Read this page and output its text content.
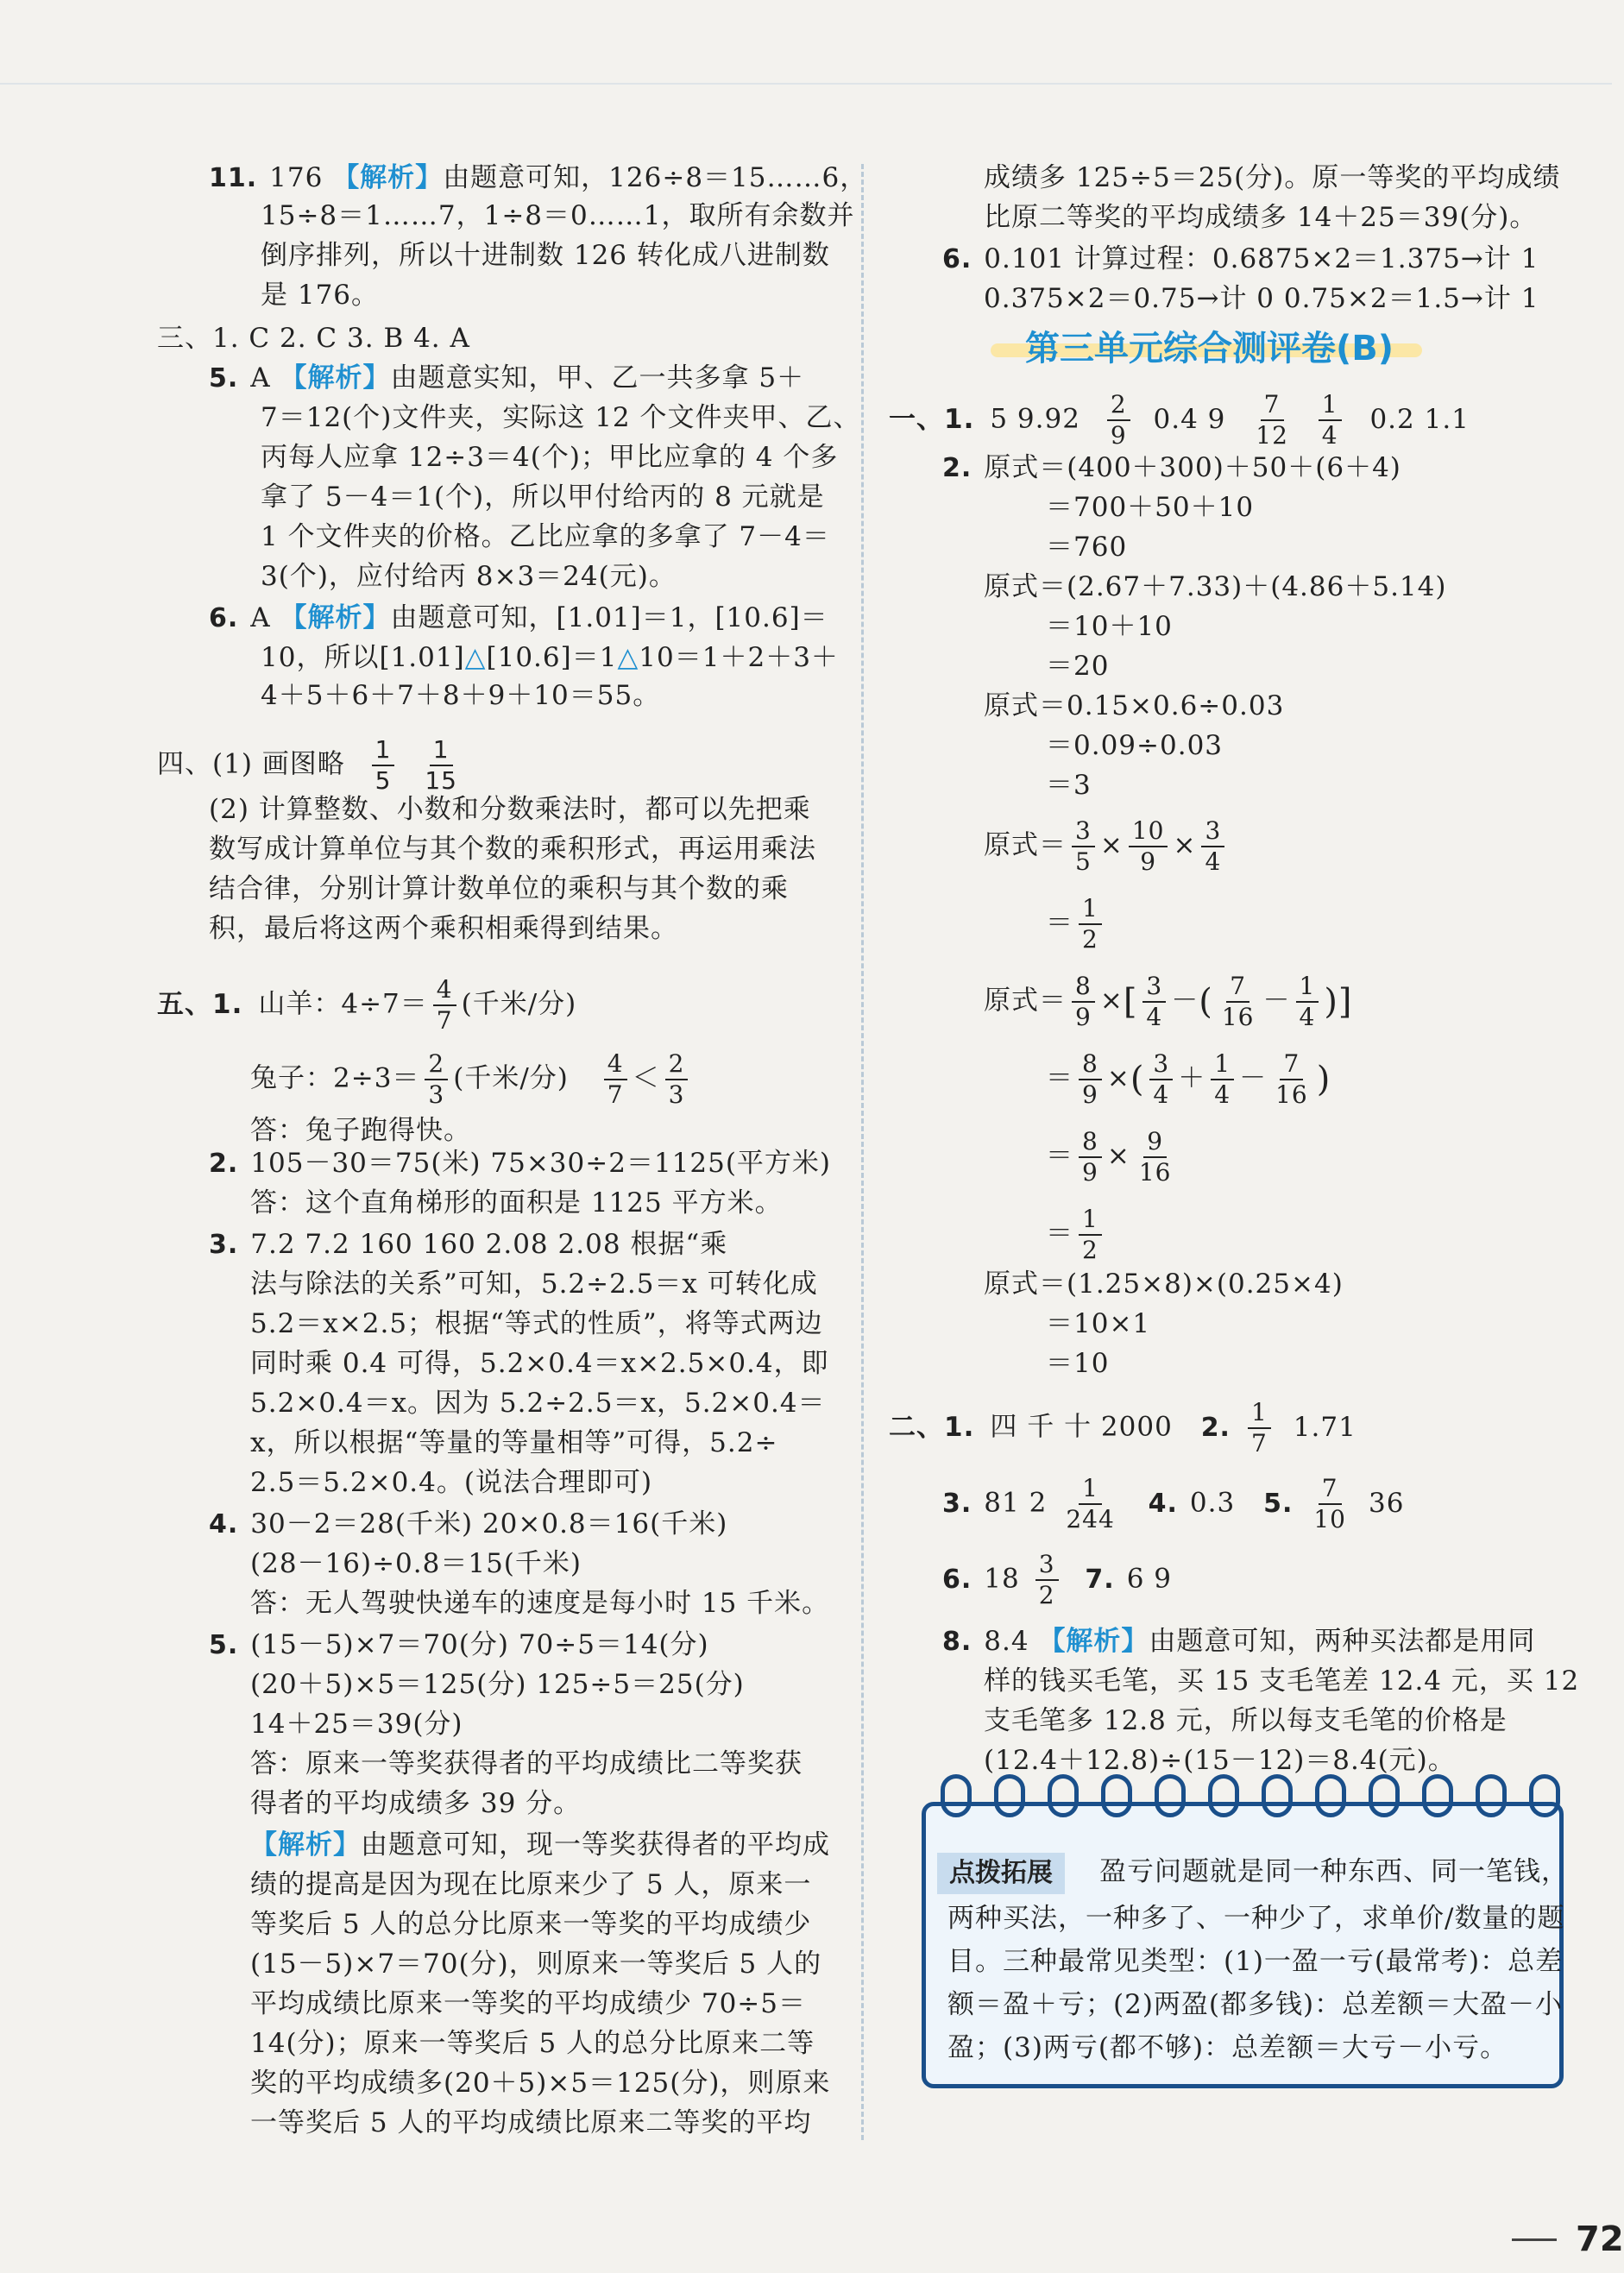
15÷8＝1……7，1÷8＝0……1，取所有余数并
倒序排列，所以十进制数 126 转化成八进制数
是 176。
三、1. C 2. C 3. B 4. A
7＝12(个)文件夹，实际这 12 个文件夹甲、乙、
丙每人应拿 12÷3＝4(个)；甲比应拿的 4 个多
拿了 5－4＝1(个)，所以甲付给丙的 8 元就是
1 个文件夹的价格。乙比应拿的多拿了 7－4＝
3(个)，应付给丙 8×3＝24(元)。
4＋5＋6＋7＋8＋9＋10＝55。
(2) 计算整数、小数和分数乘法时，都可以先把乘
数写成计算单位与其个数的乘积形式，再运用乘法
结合律，分别计算计数单位的乘积与其个数的乘
积，最后将这两个乘积相乘得到结果。
答：兔子跑得快。
2. 105－30＝75(米) 75×30÷2＝1125(平方米)
答：这个直角梯形的面积是 1125 平方米。
3. 7.2 7.2 160 160 2.08 2.08 根据“乘
法与除法的关系”可知，5.2÷2.5＝x 可转化成
5.2＝x×2.5；根据“等式的性质”，将等式两边
同时乘 0.4 可得，5.2×0.4＝x×2.5×0.4，即
5.2×0.4＝x。因为 5.2÷2.5＝x，5.2×0.4＝
x，所以根据“等量的等量相等”可得，5.2÷
2.5＝5.2×0.4。(说法合理即可)
4. 30－2＝28(千米) 20×0.8＝16(千米)
(28－16)÷0.8＝15(千米)
答：无人驾驶快递车的速度是每小时 15 千米。
5. (15－5)×7＝70(分) 70÷5＝14(分)
(20＋5)×5＝125(分) 125÷5＝25(分)
14＋25＝39(分)
答：原来一等奖获得者的平均成绩比二等奖获
得者的平均成绩多 39 分。
绩的提高是因为现在比原来少了 5 人，原来一
等奖后 5 人的总分比原来一等奖的平均成绩少
(15－5)×7＝70(分)，则原来一等奖后 5 人的
平均成绩比原来一等奖的平均成绩少 70÷5＝
14(分)；原来一等奖后 5 人的总分比原来二等
奖的平均成绩多(20＋5)×5＝125(分)，则原来
一等奖后 5 人的平均成绩比原来二等奖的平均
11. 176 【解析】由题意可知，126÷8＝15……6，
5. A 【解析】由题意实知，甲、乙一共多拿 5＋
6. A 【解析】由题意可知，[1.01]＝1，[10.6]＝
10，所以[1.01]△[10.6]＝1△10＝1＋2＋3＋
四、(1) 画图略 $\frac{1}{5}$
$\frac{1}{15}$
五、1. 山羊：$4\div 7= \frac{4}{7}$ (千米/分)
兔子：$2\div 3= \frac{2}{3}$ (千米/分) $\frac{4}{7} < \frac{2}{3}$
【解析】由题意可知，现一等奖获得者的平均成
成绩多 125÷5＝25(分)。原一等奖的平均成绩
比原二等奖的平均成绩多 14＋25＝39(分)。
6. 0.101 计算过程：0.6875×2＝1.375→计 1
0.375×2＝0.75→计 0 0.75×2＝1.5→计 1
2. 原式＝(400＋300)＋50＋(6＋4)
＝700＋50＋10
＝760
原式＝(2.67＋7.33)＋(4.86＋5.14)
＝10＋10
＝20
原式＝0.15×0.6÷0.03
＝0.09÷0.03
＝3
原式＝(1.25×8)×(0.25×4)
＝10×1
＝10
样的钱买毛笔，买 15 支毛笔差 12.4 元，买 12
支毛笔多 12.8 元，所以每支毛笔的价格是
(12.4＋12.8)÷(15－12)＝8.4(元)。
第三单元综合测评卷(B)
一、1. 5 $9.92 \frac{2}{9} 0.4$ $9 \frac{7}{12}$
$\frac{1}{4} 0.2$ 1.1
原式＝ $\frac{3}{5} \times \frac{10}{9} \times \frac{3}{4}$
＝ $\frac{1}{2}$
原式＝ $\frac{8}{9}$ ×[ $\frac{3}{4}$ －( $\frac{7}{16} - \frac{1}{4}$ )]
＝ $\frac{8}{9}$ ×( $\frac{3}{4} + \frac{1}{4} - \frac{7}{16}$ )
＝ $\frac{8}{9} \times \frac{9}{16}$
＝ $\frac{1}{2}$
二、1. 四 千 十 2000 2. $\frac{1}{7} 1.71$
3. 81 $2 \frac{1}{244} 4$. 0.3 5. $\frac{7}{10} 36$
6. $18 \frac{3}{2} 7$. 6 9
8. 8.4 【解析】由题意可知，两种买法都是用同
点拨拓展	盈亏问题就是同一种东西、同一笔钱，
两种买法，一种多了、一种少了，求单价/数量的题
目。三种最常见类型：(1)一盈一亏(最常考)：总差
额＝盈＋亏；(2)两盈(都多钱)：总差额＝大盈－小
盈；(3)两亏(都不够)：总差额＝大亏－小亏。
72
